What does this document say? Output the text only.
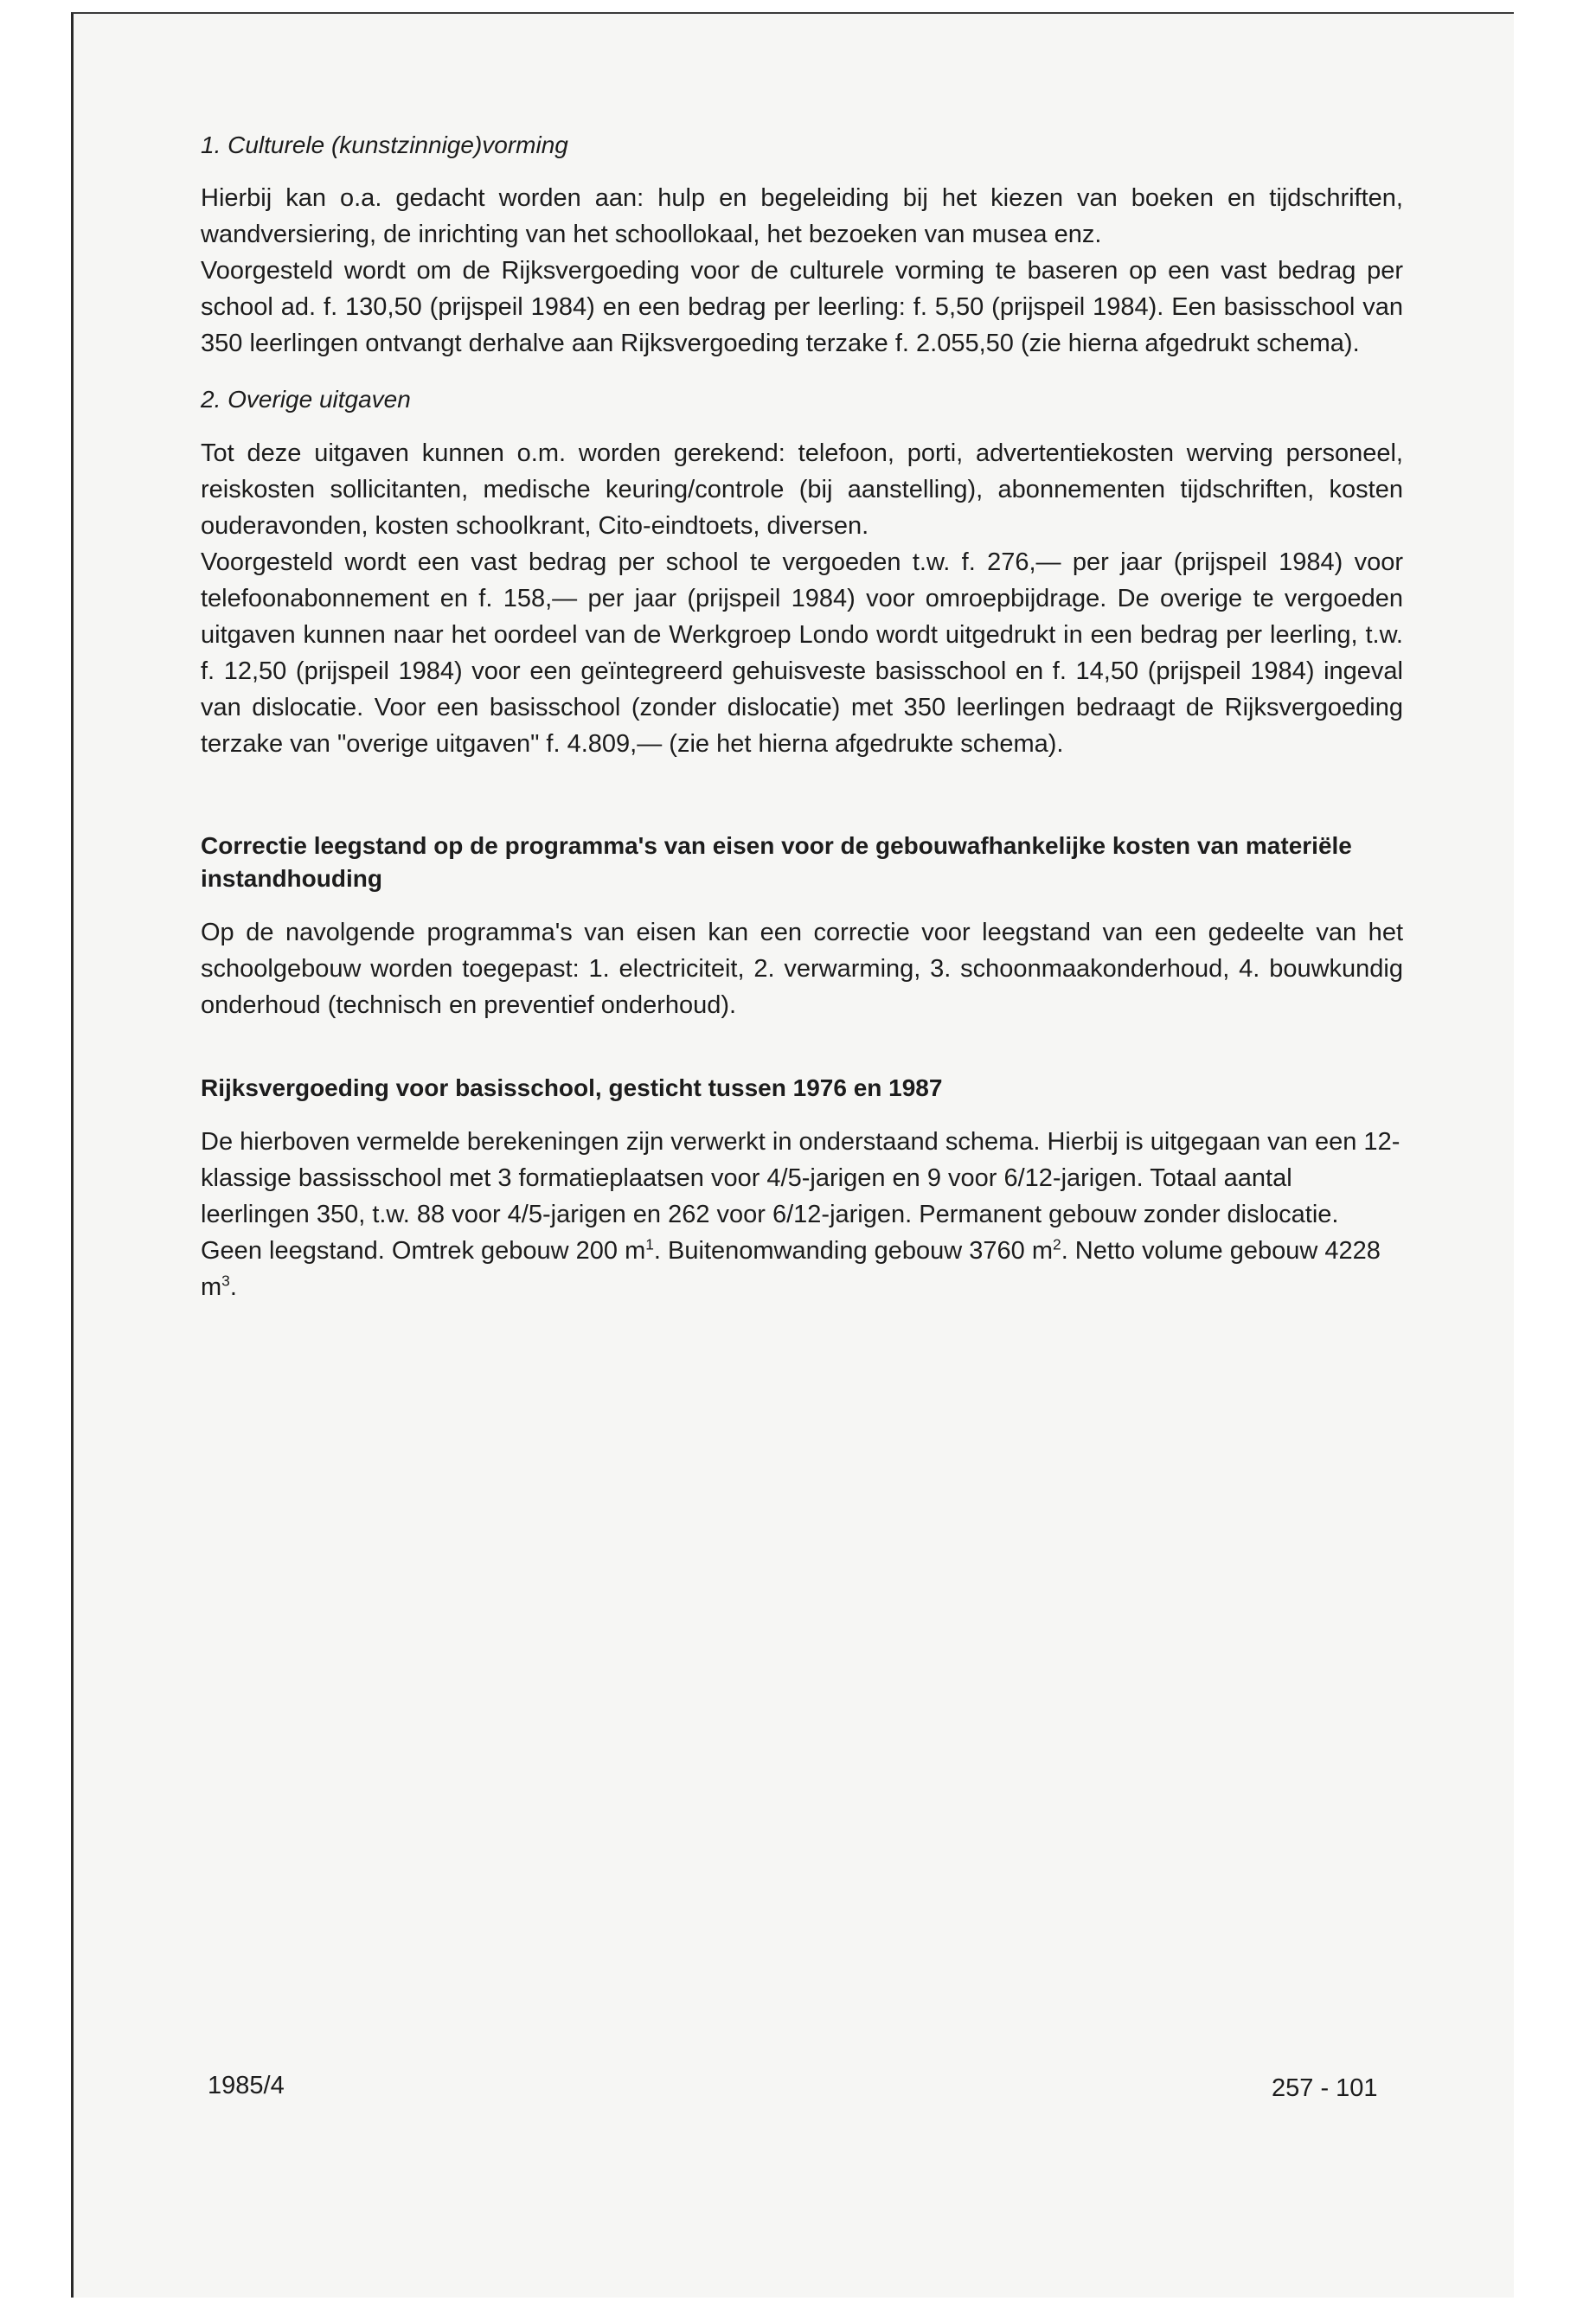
1. Culturele (kunstzinnige)vorming

Hierbij kan o.a. gedacht worden aan: hulp en begeleiding bij het kiezen van boeken en tijdschriften, wandversiering, de inrichting van het schoollokaal, het bezoeken van musea enz.

Voorgesteld wordt om de Rijksvergoeding voor de culturele vorming te baseren op een vast bedrag per school ad. f. 130,50 (prijspeil 1984) en een bedrag per leerling: f. 5,50 (prijspeil 1984). Een basisschool van 350 leerlingen ontvangt derhalve aan Rijksvergoeding terzake f. 2.055,50 (zie hierna afgedrukt schema).

2. Overige uitgaven

Tot deze uitgaven kunnen o.m. worden gerekend: telefoon, porti, advertentiekosten werving personeel, reiskosten sollicitanten, medische keuring/controle (bij aanstelling), abonnementen tijdschriften, kosten ouderavonden, kosten schoolkrant, Cito-eindtoets, diversen.

Voorgesteld wordt een vast bedrag per school te vergoeden t.w. f. 276,— per jaar (prijspeil 1984) voor telefoonabonnement en f. 158,— per jaar (prijspeil 1984) voor omroepbijdrage. De overige te vergoeden uitgaven kunnen naar het oordeel van de Werkgroep Londo wordt uitgedrukt in een bedrag per leerling, t.w. f. 12,50 (prijspeil 1984) voor een geïntegreerd gehuisveste basisschool en f. 14,50 (prijspeil 1984) ingeval van dislocatie. Voor een basisschool (zonder dislocatie) met 350 leerlingen bedraagt de Rijksvergoeding terzake van "overige uitgaven" f. 4.809,— (zie het hierna afgedrukte schema).

Correctie leegstand op de programma's van eisen voor de gebouwafhankelijke kosten van materiële instandhouding

Op de navolgende programma's van eisen kan een correctie voor leegstand van een gedeelte van het schoolgebouw worden toegepast: 1. electriciteit, 2. verwarming, 3. schoonmaakonderhoud, 4. bouwkundig onderhoud (technisch en preventief onderhoud).

Rijksvergoeding voor basisschool, gesticht tussen 1976 en 1987

De hierboven vermelde berekeningen zijn verwerkt in onderstaand schema. Hierbij is uitgegaan van een 12-klassige bassisschool met 3 formatieplaatsen voor 4/5-jarigen en 9 voor 6/12-jarigen. Totaal aantal leerlingen 350, t.w. 88 voor 4/5-jarigen en 262 voor 6/12-jarigen. Permanent gebouw zonder dislocatie. Geen leegstand. Omtrek gebouw 200 $m^1$. Buitenomwanding gebouw 3760 $m^2$. Netto volume gebouw 4228 $m^3$.

1985/4	257 - 101
